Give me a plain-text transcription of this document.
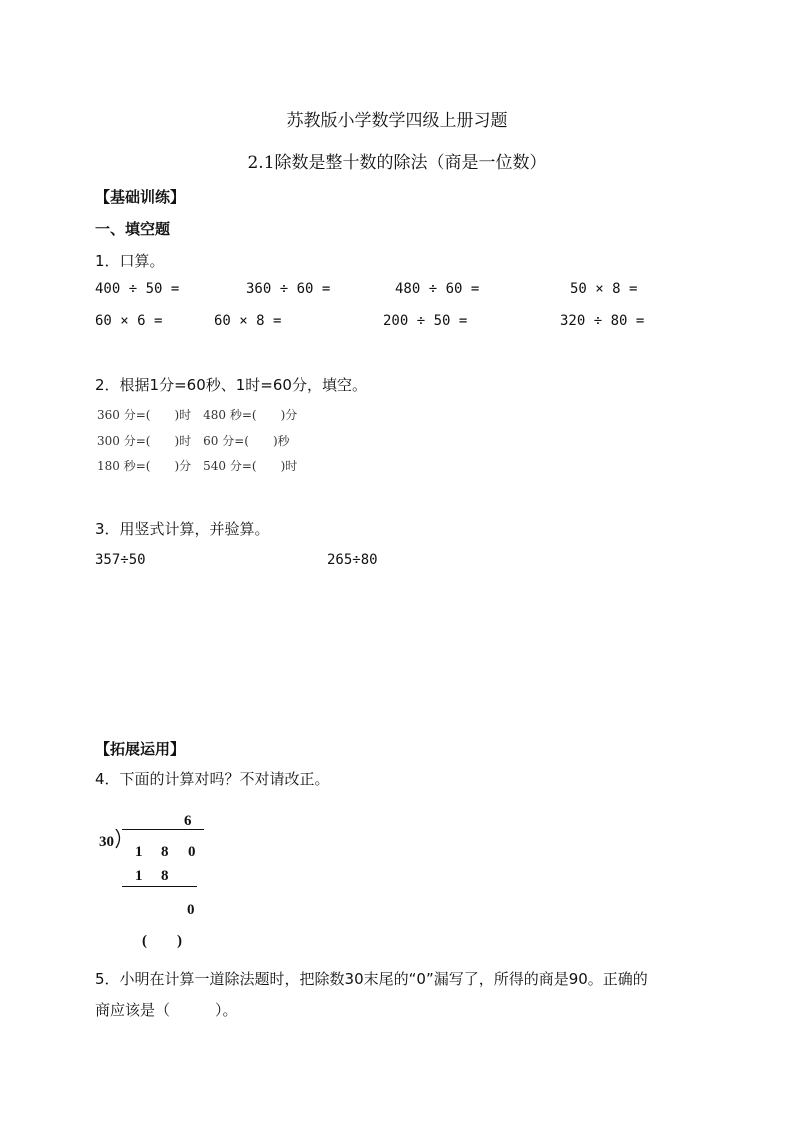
苏教版小学数学四级上册习题
2.1除数是整十数的除法（商是一位数）
【基础训练】
一、填空题
1．口算。
400 ÷ 50 =	360 ÷ 60 =	480 ÷ 60 =	50 × 8 =
60 × 6 =	60 × 8 =	200 ÷ 50 =	320 ÷ 80 =
2．根据1分=60秒、1时=60分，填空。
360 分=(　　)时　480 秒=(　　)分
300 分=(　　)时　60 分=(　　)秒
180 秒=(　　)分　540 分=(　　)时
3．用竖式计算，并验算。
357÷50	265÷80
【拓展运用】
4．下面的计算对吗？不对请改正。
6
30
1 8 0
1 8
0
(　　)
5．小明在计算一道除法题时，把除数30末尾的“0”漏写了，所得的商是90。正确的
商应该是（　　　）。
